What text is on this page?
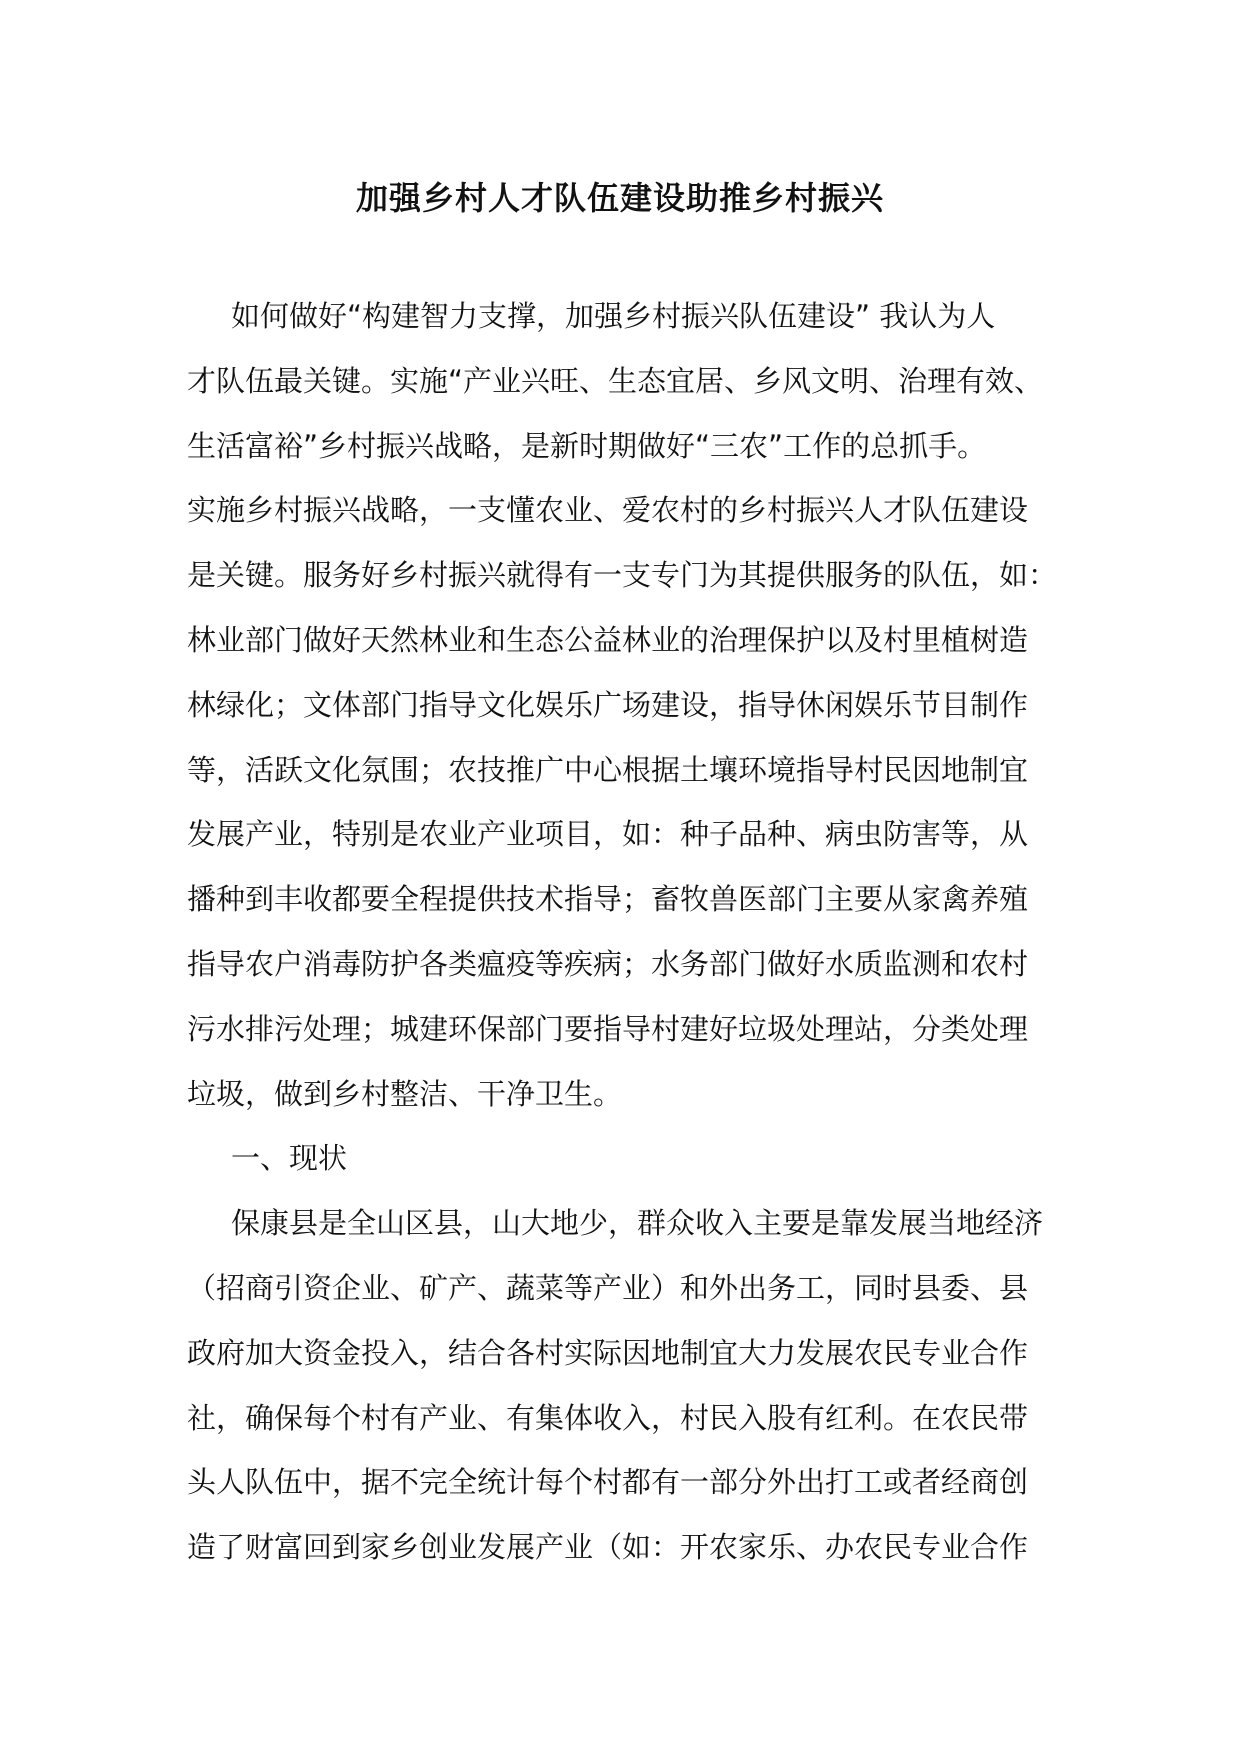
加强乡村人才队伍建设助推乡村振兴
如何做好“构建智力支撑，加强乡村振兴队伍建设” 我认为人
才队伍最关键。实施“产业兴旺、生态宜居、乡风文明、治理有效、
生活富裕”乡村振兴战略，是新时期做好“三农”工作的总抓手。
实施乡村振兴战略，一支懂农业、爱农村的乡村振兴人才队伍建设
是关键。服务好乡村振兴就得有一支专门为其提供服务的队伍，如：
林业部门做好天然林业和生态公益林业的治理保护以及村里植树造
林绿化；文体部门指导文化娱乐广场建设，指导休闲娱乐节目制作
等，活跃文化氛围；农技推广中心根据土壤环境指导村民因地制宜
发展产业，特别是农业产业项目，如：种子品种、病虫防害等，从
播种到丰收都要全程提供技术指导；畜牧兽医部门主要从家禽养殖
指导农户消毒防护各类瘟疫等疾病；水务部门做好水质监测和农村
污水排污处理；城建环保部门要指导村建好垃圾处理站，分类处理
垃圾，做到乡村整洁、干净卫生。
一、现状
保康县是全山区县，山大地少，群众收入主要是靠发展当地经济
（招商引资企业、矿产、蔬菜等产业）和外出务工，同时县委、县
政府加大资金投入，结合各村实际因地制宜大力发展农民专业合作
社，确保每个村有产业、有集体收入，村民入股有红利。在农民带
头人队伍中，据不完全统计每个村都有一部分外出打工或者经商创
造了财富回到家乡创业发展产业（如：开农家乐、办农民专业合作
